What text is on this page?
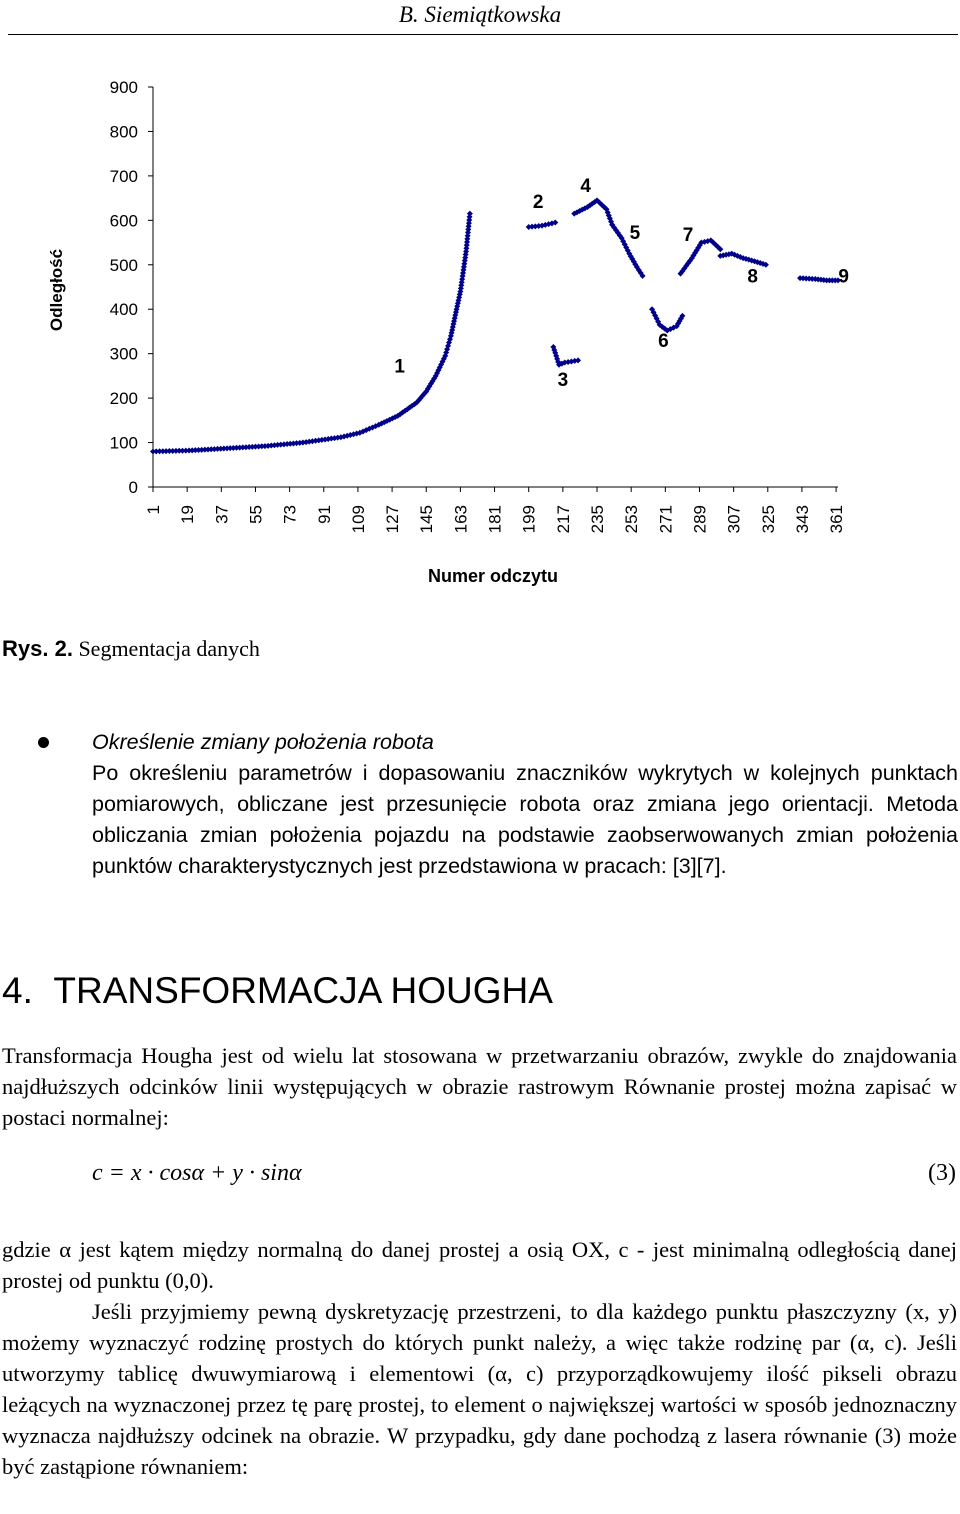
B. Siemiątkowska
0
100
200
300
400
500
600
700
800
900
1 19 37 55 73 91 109 127 145 163 181 199 217 235 253 271 289 307 325 343 361
Odległość
Numer odczytu
1
2
3
4
5
6
7
8	9
Rys. 2. Segmentacja danych
Określenie zmiany położenia robota
Po określeniu parametrów i dopasowaniu znaczników wykrytych w kolejnych punktach pomiarowych, obliczane jest przesunięcie robota oraz zmiana jego orientacji. Metoda obliczania zmian położenia pojazdu na podstawie zaobserwowanych zmian położenia punktów charakterystycznych jest przedstawiona w pracach: [3][7].
4. TRANSFORMACJA HOUGHA
Transformacja Hougha jest od wielu lat stosowana w przetwarzaniu obrazów, zwykle do znajdowania najdłuższych odcinków linii występujących w obrazie rastrowym Równanie prostej można zapisać w postaci normalnej:
c = x · cosα + y · sinα	(3)
gdzie α jest kątem między normalną do danej prostej a osią OX, c - jest minimalną odległością danej prostej od punktu (0,0).
Jeśli przyjmiemy pewną dyskretyzację przestrzeni, to dla każdego punktu płaszczyzny (x, y) możemy wyznaczyć rodzinę prostych do których punkt należy, a więc także rodzinę par (α, c). Jeśli utworzymy tablicę dwuwymiarową i elementowi (α, c) przyporządkowujemy ilość pikseli obrazu leżących na wyznaczonej przez tę parę prostej, to element o największej wartości w sposób jednoznaczny wyznacza najdłuższy odcinek na obrazie. W przypadku, gdy dane pochodzą z lasera równanie (3) może być zastąpione równaniem:
